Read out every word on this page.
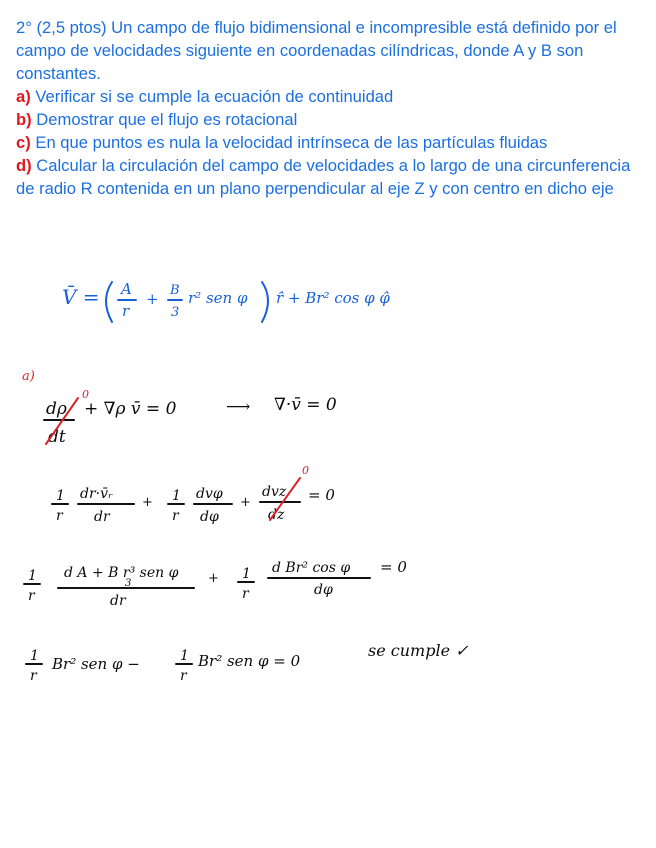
2° (2,5 ptos) Un campo de flujo bidimensional e incompresible está definido por el campo de velocidades siguiente en coordenadas cilíndricas, donde A y B son constantes.

a) Verificar si se cumple la ecuación de continuidad

b) Demostrar que el flujo es rotacional

c) En que puntos es nula la velocidad intrínseca de las partículas fluidas

d) Calcular la circulación del campo de velocidades a lo largo de una circunferencia de radio R contenida en un plano perpendicular al eje Z y con centro en dicho eje

V̄ = A
r
+ B
3
r² sen φ r̂ + Br² cos φ φ̂
a)
dρ
dt
0
+ ∇ρ v̄ = 0	⟶ ∇·v̄ = 0
1
r
dr·v̄ᵣ
dr
+ 1
r
dvφ
dφ
+
dvz
dz
0
= 0
1
r
d A + B r³ sen φ
3
dr
+ 1
r
d Br² cos φ
dφ
= 0
1
r
Br² sen φ −	1
r
Br² sen φ = 0
se cumple ✓
